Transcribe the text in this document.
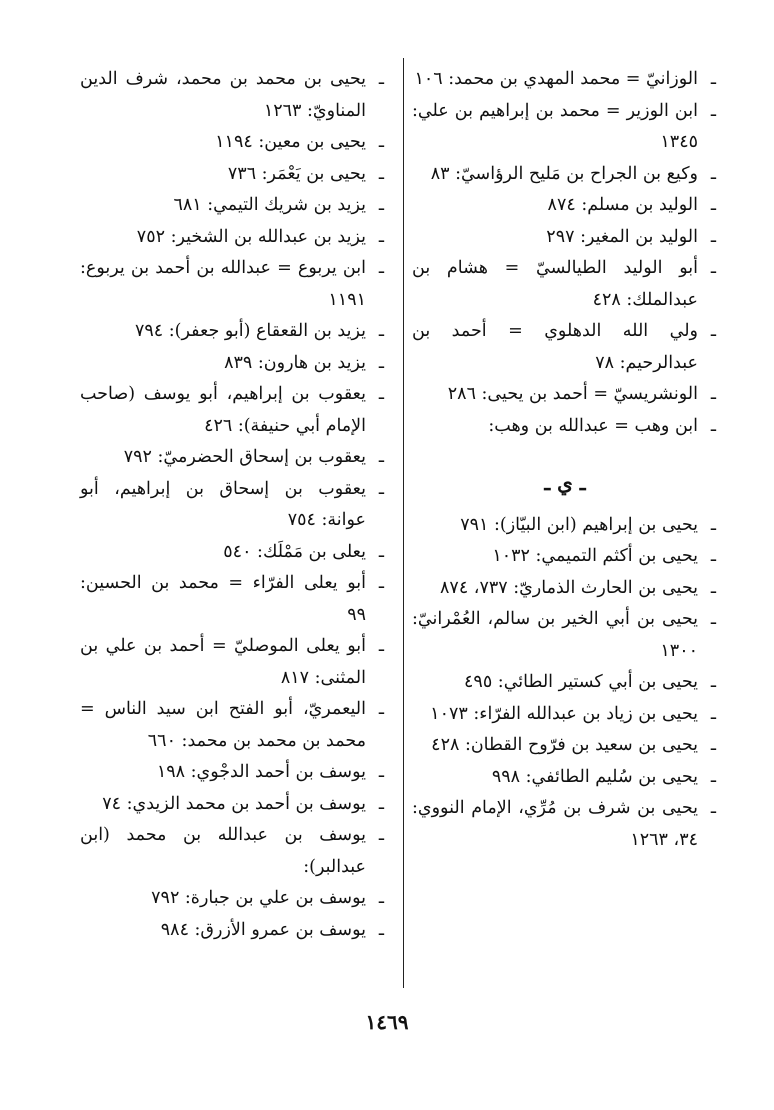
ـ
الوزانيّ = محمد المهدي بن محمد: ١٠٦
ـ
ابن الوزير = محمد بن إبراهيم بن علي: ١٣٤٥
ـ
وكيع بن الجراح بن مَليح الرؤاسيّ: ٨٣
ـ
الوليد بن مسلم: ٨٧٤
ـ
الوليد بن المغير: ٢٩٧
ـ
أبو الوليد الطيالسيّ = هشام بن عبدالملك: ٤٢٨
ـ
ولي الله الدهلوي = أحمد بن عبدالرحيم: ٧٨
ـ
الونشريسيّ = أحمد بن يحيى: ٢٨٦
ـ
ابن وهب = عبدالله بن وهب:
ـ ي ـ
ـ
يحيى بن إبراهيم (ابن البيّاز): ٧٩١
ـ
يحيى بن أكثم التميمي: ١٠٣٢
ـ
يحيى بن الحارث الذماريّ: ٧٣٧، ٨٧٤
ـ
يحيى بن أبي الخير بن سالم، العُمْرانيّ: ١٣٠٠
ـ
يحيى بن أبي كستير الطائي: ٤٩٥
ـ
يحيى بن زياد بن عبدالله الفرّاء: ١٠٧٣
ـ
يحيى بن سعيد بن فرّوح القطان: ٤٢٨
ـ
يحيى بن سُليم الطائفي: ٩٩٨
ـ
يحيى بن شرف بن مُرِّي، الإمام النووي: ٣٤، ١٢٦٣
ـ
يحيى بن محمد بن محمد، شرف الدين المناويّ: ١٢٦٣
ـ
يحيى بن معين: ١١٩٤
ـ
يحيى بن يَعْمَر: ٧٣٦
ـ
يزيد بن شريك التيمي: ٦٨١
ـ
يزيد بن عبدالله بن الشخير: ٧٥٢
ـ
ابن يربوع = عبدالله بن أحمد بن يربوع: ١١٩١
ـ
يزيد بن القعقاع (أبو جعفر): ٧٩٤
ـ
يزيد بن هارون: ٨٣٩
ـ
يعقوب بن إبراهيم، أبو يوسف (صاحب الإمام أبي حنيفة): ٤٢٦
ـ
يعقوب بن إسحاق الحضرميّ: ٧٩٢
ـ
يعقوب بن إسحاق بن إبراهيم، أبو عوانة: ٧٥٤
ـ
يعلى بن مَمْلَك: ٥٤٠
ـ
أبو يعلى الفرّاء = محمد بن الحسين: ٩٩
ـ
أبو يعلى الموصليّ = أحمد بن علي بن المثنى: ٨١٧
ـ
اليعمريّ، أبو الفتح ابن سيد الناس = محمد بن محمد بن محمد: ٦٦٠
ـ
يوسف بن أحمد الدجْوي: ١٩٨
ـ
يوسف بن أحمد بن محمد الزيدي: ٧٤
ـ
يوسف بن عبدالله بن محمد (ابن عبدالبر):
ـ
يوسف بن علي بن جبارة: ٧٩٢
ـ
يوسف بن عمرو الأزرق: ٩٨٤
١٤٦٩
